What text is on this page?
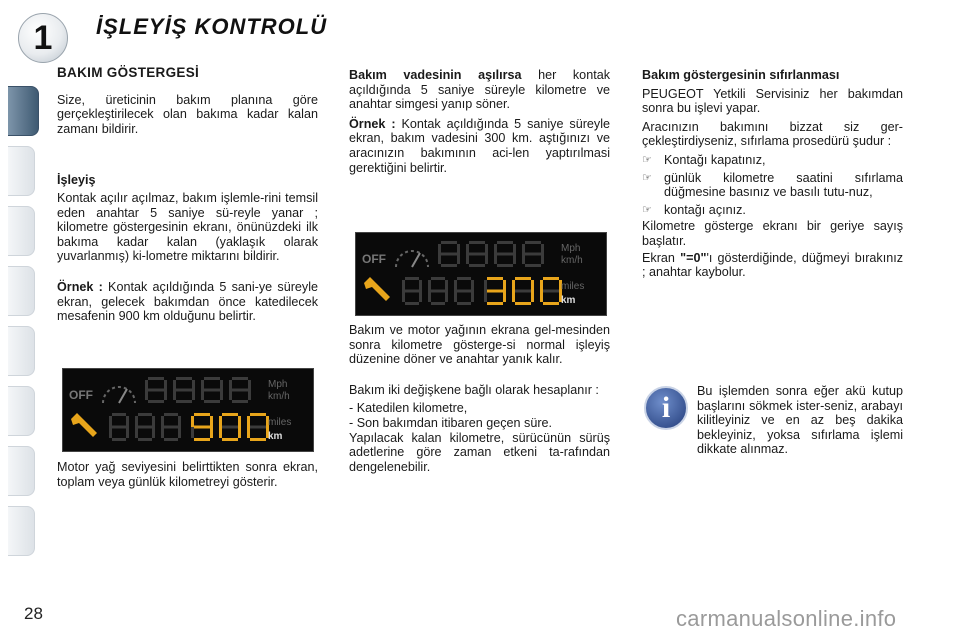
1	İŞLEYİŞ KONTROLÜ
BAKIM GÖSTERGESİ

Size, üreticinin bakım planına göre gerçekleştirilecek olan bakıma kadar kalan zamanı bildirir.

İşleyiş

Kontak açılır açılmaz, bakım işlemle-rini temsil eden anahtar 5 saniye sü-reyle yanar ; kilometre göstergesinin ekranı, önünüzdeki ilk bakıma kadar kalan (yaklaşık olarak yuvarlanmış) ki-lometre miktarını bildirir.

Örnek : Kontak açıldığında 5 sani-ye süreyle ekran, gelecek bakımdan önce katedilecek mesafenin 900 km olduğunu belirtir.

OFF
Mph
km/h
miles
km

Motor yağ seviyesini belirttikten sonra ekran, toplam veya günlük kilometreyi gösterir.

Bakım vadesinin aşılırsa her kontak açıldığında 5 saniye süreyle kilometre ve anahtar simgesi yanıp söner.

Örnek : Kontak açıldığında 5 saniye süreyle ekran, bakım vadesini 300 km. aştığınızı ve aracınızın bakımının aci-len yaptırılmasi gerektiğini belirtir.

OFF
Mph
km/h
miles
km

Bakım ve motor yağının ekrana gel-mesinden sonra kilometre gösterge-si normal işleyiş düzenine döner ve anahtar yanık kalır.

Bakım iki değişkene bağlı olarak hesaplanır :

- Katedilen kilometre,

- Son bakımdan itibaren geçen süre.

Yapılacak kalan kilometre, sürücünün sürüş adetlerine göre zaman etkeni ta-rafından dengelenebilir.

Bakım göstergesinin sıfırlanması

PEUGEOT Yetkili Servisiniz her bakımdan sonra bu işlevi yapar.

Aracınızın bakımını bizzat siz ger-çekleştirdiyseniz, sıfırlama prosedürü şudur :

☞ Kontağı kapatınız,
☞ günlük kilometre saatini sıfırlama düğmesine basınız ve basılı tutu-nuz,
☞ kontağı açınız.

Kilometre gösterge ekranı bir geriye sayış başlatır.

Ekran "=0"'ı gösterdiğinde, düğmeyi bırakınız ; anahtar kaybolur.

i	Bu işlemden sonra eğer akü kutup başlarını sökmek ister-seniz, arabayı kilitleyiniz ve en az beş dakika bekleyiniz, yoksa sıfırlama işlemi dikkate alınmaz.

28	carmanualsonline.info
